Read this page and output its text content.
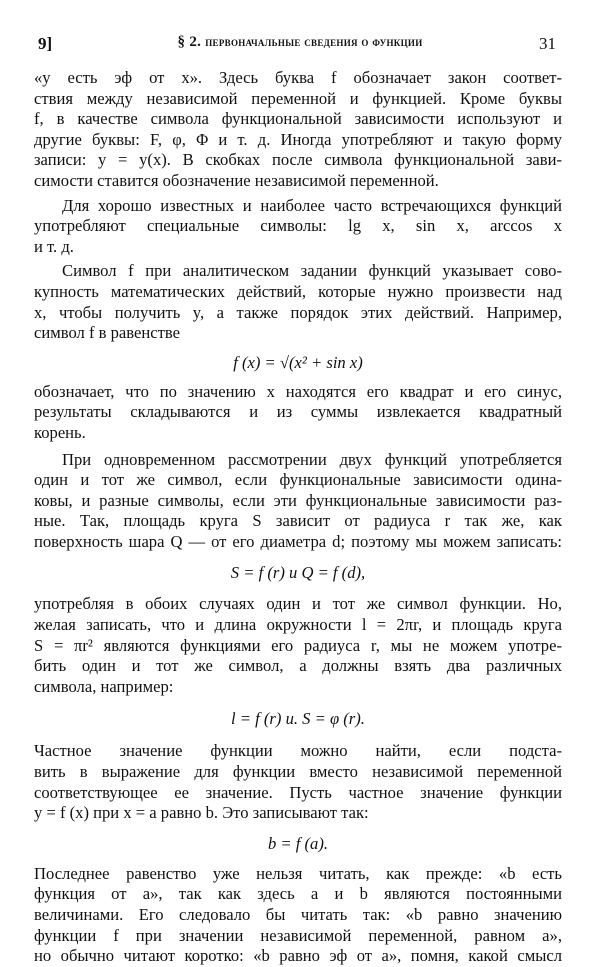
9]	§ 2. первоначальные сведения о функции	31
«y есть эф от x». Здесь буква f обозначает закон соответ-
ствия между независимой переменной и функцией. Кроме буквы
f, в качестве символа функциональной зависимости используют и
другие буквы: F, φ, Φ и т. д. Иногда употребляют и такую форму
записи: y = y(x). В скобках после символа функциональной зави-
симости ставится обозначение независимой переменной.
Для хорошо известных и наиболее часто встречающихся функций
употребляют специальные символы: lg x, sin x, arccos x
и т. д.
Символ f при аналитическом задании функций указывает сово-
купность математических действий, которые нужно произвести над
x, чтобы получить y, а также порядок этих действий. Например,
символ f в равенстве
f (x) = √(x² + sin x)
обозначает, что по значению x находятся его квадрат и его синус,
результаты складываются и из суммы извлекается квадратный
корень.
При одновременном рассмотрении двух функций употребляется
один и тот же символ, если функциональные зависимости одина-
ковы, и разные символы, если эти функциональные зависимости раз-
ные. Так, площадь круга S зависит от радиуса r так же, как
поверхность шара Q — от его диаметра d; поэтому мы можем записать:
S = f (r) и Q = f (d),
употребляя в обоих случаях один и тот же символ функции. Но,
желая записать, что и длина окружности l = 2πr, и площадь круга
S = πr² являются функциями его радиуса r, мы не можем употре-
бить один и тот же символ, а должны взять два различных
символа, например:
l = f (r) и. S = φ (r).
Частное значение функции можно найти, если подста-
вить в выражение для функции вместо независимой переменной
соответствующее ее значение. Пусть частное значение функции
y = f (x) при x = a равно b. Это записывают так:
b = f (a).
Последнее равенство уже нельзя читать, как прежде: «b есть
функция от a», так как здесь a и b являются постоянными
величинами. Его следовало бы читать так: «b равно значению
функции f при значении независимой переменной, равном a»,
но обычно читают коротко: «b равно эф от a», помня, какой смысл
